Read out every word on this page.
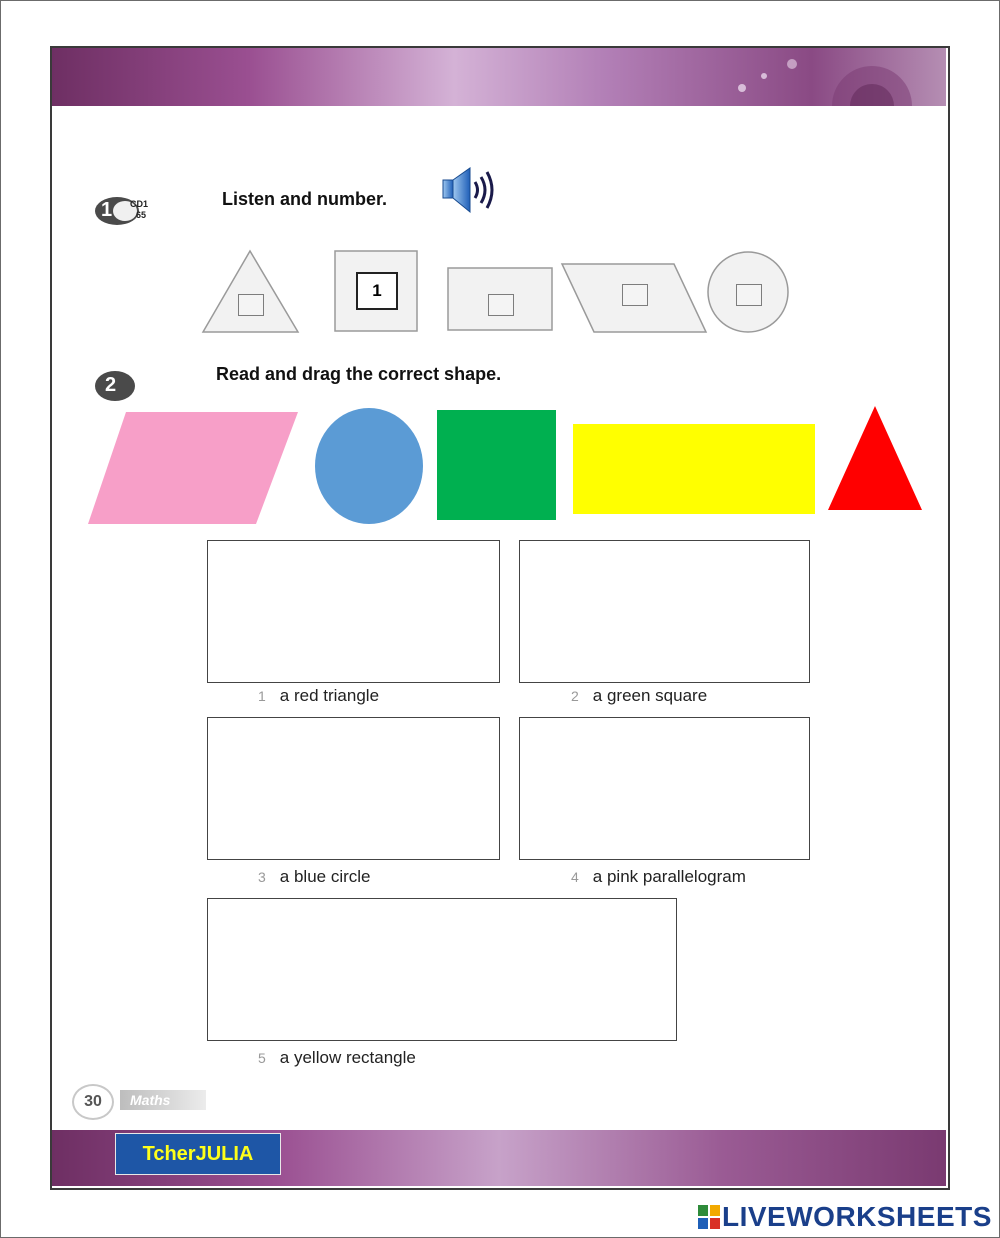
1 CD1
65
Listen and number.
1
2	Read and drag the correct shape.
1 a red triangle	2 a green square
3 a blue circle	4 a pink parallelogram
5 a yellow rectangle
Maths
30
TcherJULIA
LIVEWORKSHEETS
